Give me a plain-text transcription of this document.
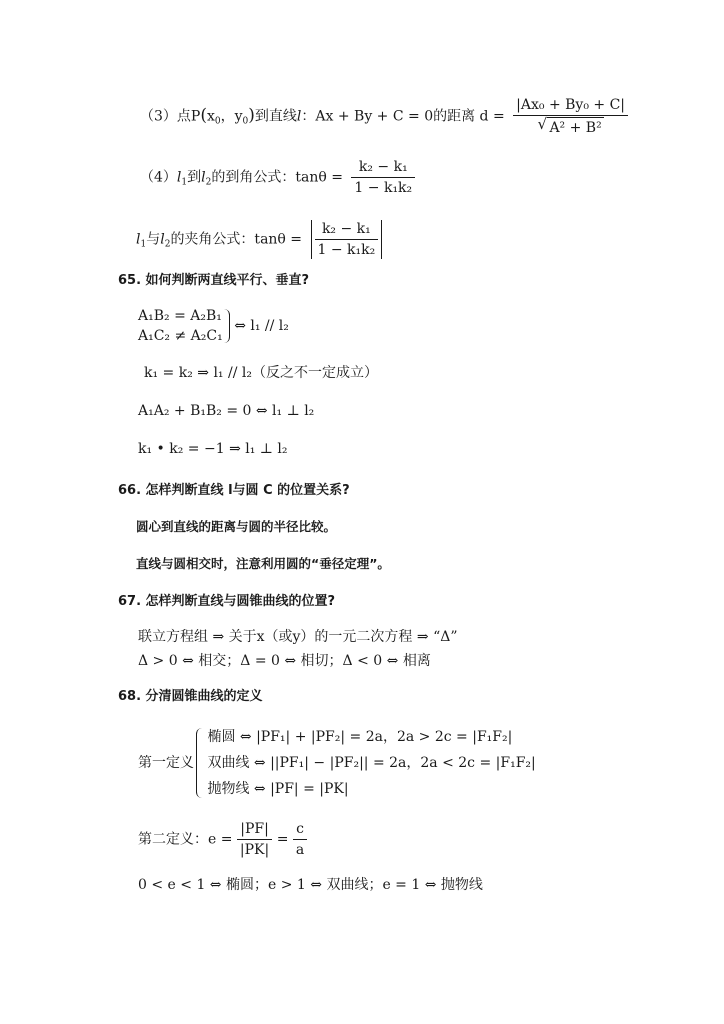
（3）点$P(x_0$，$y_0$)到直线l：Ax + By + C = 0的距离 $d = \frac{\text{|Ax₀ + By₀ + C|}}{\text{√ A² + B²}}$
$(4)l_1$到$l_2$的到角公式：$\tan\theta = \frac{\text{k₂ − k₁}}{\text{1 − k₁k₂}}$
$l_1$与$l_2$的夹角公式：$\tan\theta = \frac{\text{k₂ − k₁}}{\text{1 − k₁k₂}}$
65. 如何判断两直线平行、垂直?
A₁B₂ = A₂B₁
A₁C₂ ≠ A₂C₁
⇔ l₁ // l₂
k₁ = k₂ ⇒ l₁ // l₂（反之不一定成立）
A₁A₂ + B₁B₂ = 0 ⇔ l₁ ⊥ l₂
k₁ • k₂ = −1 ⇒ l₁ ⊥ l₂
66. 怎样判断直线 l与圆 C 的位置关系?
圆心到直线的距离与圆的半径比较。
直线与圆相交时，注意利用圆的“垂径定理”。
67. 怎样判断直线与圆锥曲线的位置?
联立方程组 ⇒ 关于x（或y）的一元二次方程 ⇒ “Δ”
Δ > 0 ⇔ 相交；Δ = 0 ⇔ 相切；Δ < 0 ⇔ 相离
68. 分清圆锥曲线的定义
第一定义
椭圆 ⇔ |PF₁| + |PF₂| = 2a，2a > 2c = |F₁F₂|
双曲线 ⇔ ||PF₁| − |PF₂|| = 2a，2a < 2c = |F₁F₂|
抛物线 ⇔ |PF| = |PK|
第二定义：$e = \frac{|PF|}{|PK|} = \frac{c}{a}$
0 < e < 1 ⇔ 椭圆；e > 1 ⇔ 双曲线；e = 1 ⇔ 抛物线
